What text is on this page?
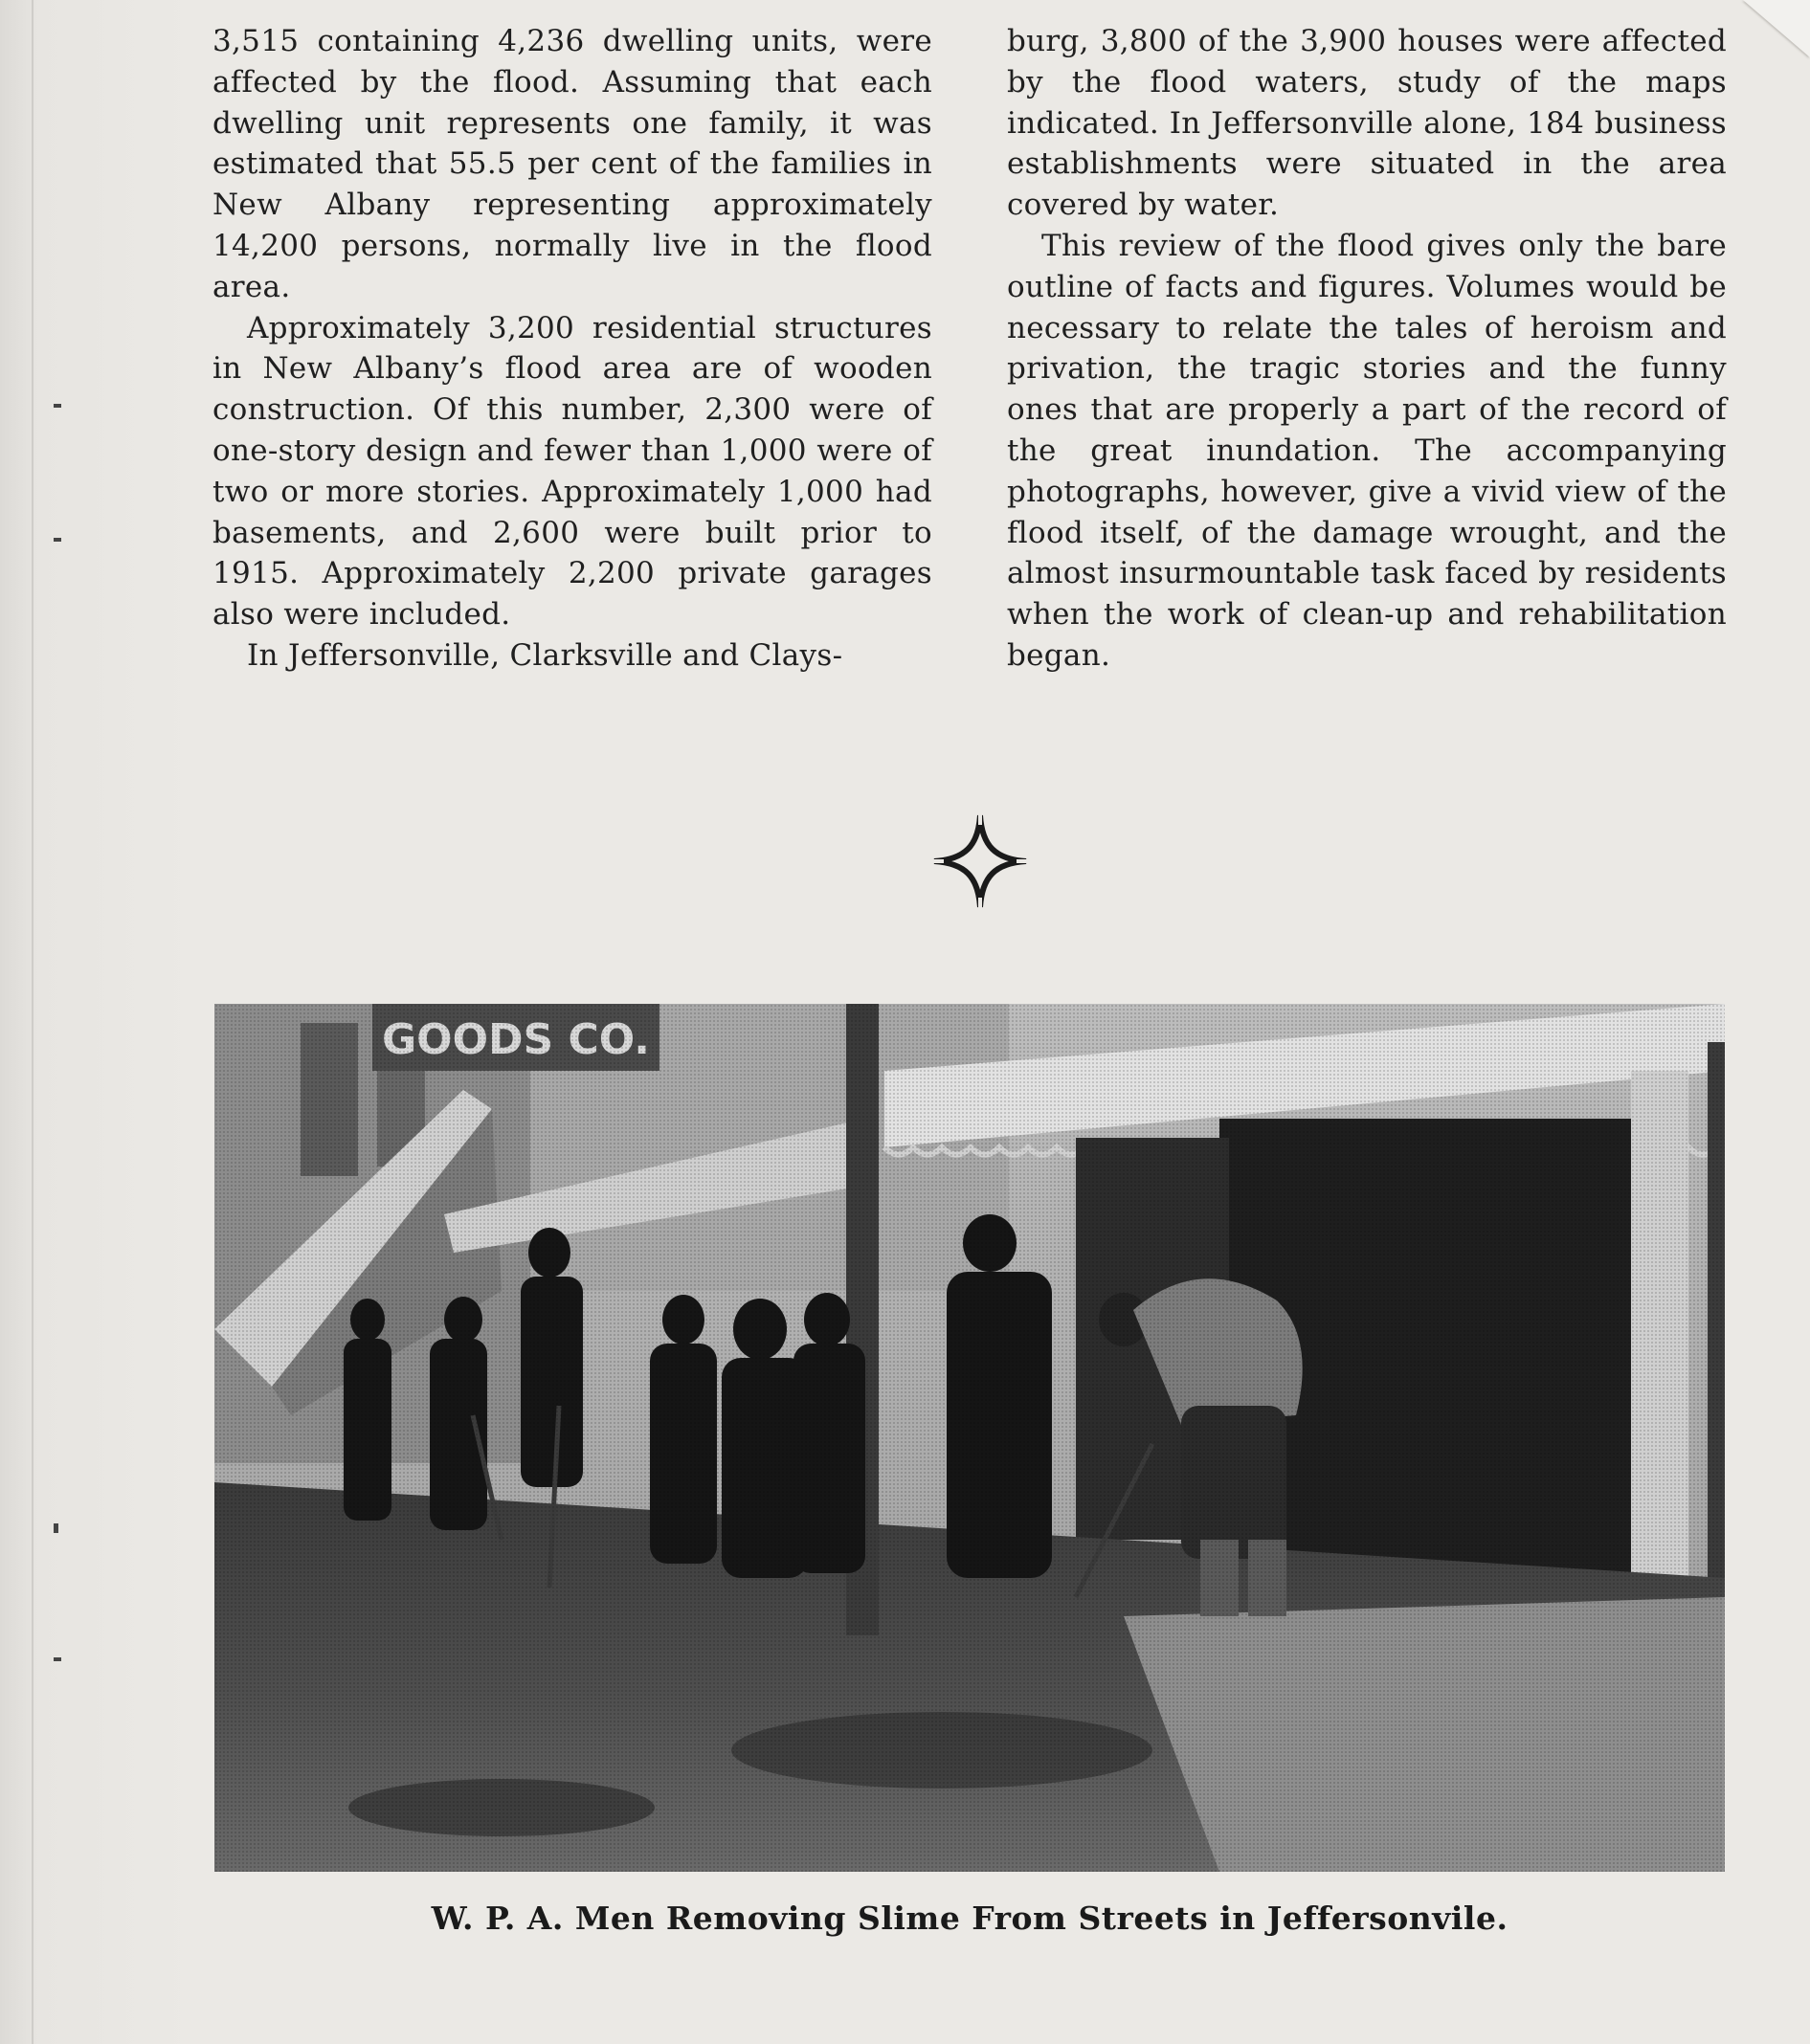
3,515 containing 4,236 dwelling units, were affected by the flood. Assuming that each dwelling unit represents one family, it was estimated that 55.5 per cent of the families in New Albany representing approximately 14,200 persons, normally live in the flood area.

Approximately 3,200 residential structures in New Albany’s flood area are of wooden construction. Of this number, 2,300 were of one-story design and fewer than 1,000 were of two or more stories. Approximately 1,000 had basements, and 2,600 were built prior to 1915. Approximately 2,200 private garages also were included.

In Jeffersonville, Clarksville and Clays-

burg, 3,800 of the 3,900 houses were affected by the flood waters, study of the maps indicated. In Jeffersonville alone, 184 business establishments were situated in the area covered by water.

This review of the flood gives only the bare outline of facts and figures. Volumes would be necessary to relate the tales of heroism and privation, the tragic stories and the funny ones that are properly a part of the record of the great inundation. The accompanying photographs, however, give a vivid view of the flood itself, of the damage wrought, and the almost insurmountable task faced by residents when the work of clean-up and rehabilitation began.

W. P. A. Men Removing Slime From Streets in Jeffersonvile.
